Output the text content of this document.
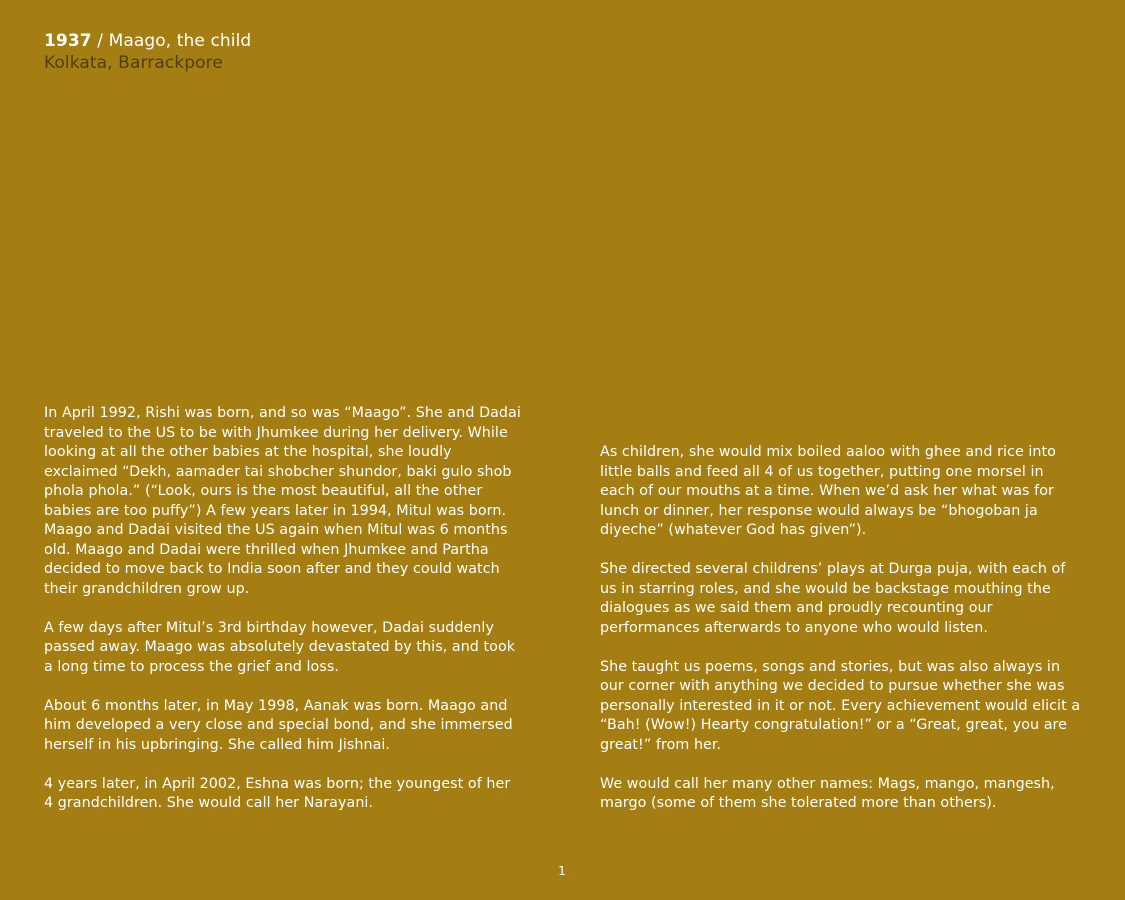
1937 / Maago, the child
Kolkata, Barrackpore

In April 1992, Rishi was born, and so was “Maago”. She and Dadai traveled to the US to be with Jhumkee during her delivery. While looking at all the other babies at the hospital, she loudly exclaimed “Dekh, aamader tai shobcher shundor, baki gulo shob phola phola.” (“Look, ours is the most beautiful, all the other babies are too puffy”) A few years later in 1994, Mitul was born. Maago and Dadai visited the US again when Mitul was 6 months old. Maago and Dadai were thrilled when Jhumkee and Partha decided to move back to India soon after and they could watch their grandchildren grow up.

A few days after Mitul’s 3rd birthday however, Dadai suddenly passed away. Maago was absolutely devastated by this, and took a long time to process the grief and loss.

About 6 months later, in May 1998, Aanak was born. Maago and him developed a very close and special bond, and she immersed herself in his upbringing. She called him Jishnai.

4 years later, in April 2002, Eshna was born; the youngest of her 4 grandchildren. She would call her Narayani.

As children, she would mix boiled aaloo with ghee and rice into little balls and feed all 4 of us together, putting one morsel in each of our mouths at a time. When we’d ask her what was for lunch or dinner, her response would always be “bhogoban ja diyeche” (whatever God has given”).

She directed several childrens’ plays at Durga puja, with each of us in starring roles, and she would be backstage mouthing the dialogues as we said them and proudly recounting our performances afterwards to anyone who would listen.

She taught us poems, songs and stories, but was also always in our corner with anything we decided to pursue whether she was personally interested in it or not. Every achievement would elicit a “Bah! (Wow!) Hearty congratulation!” or a “Great, great, you are great!” from her.

We would call her many other names: Mags, mango, mangesh, margo (some of them she tolerated more than others).

1
